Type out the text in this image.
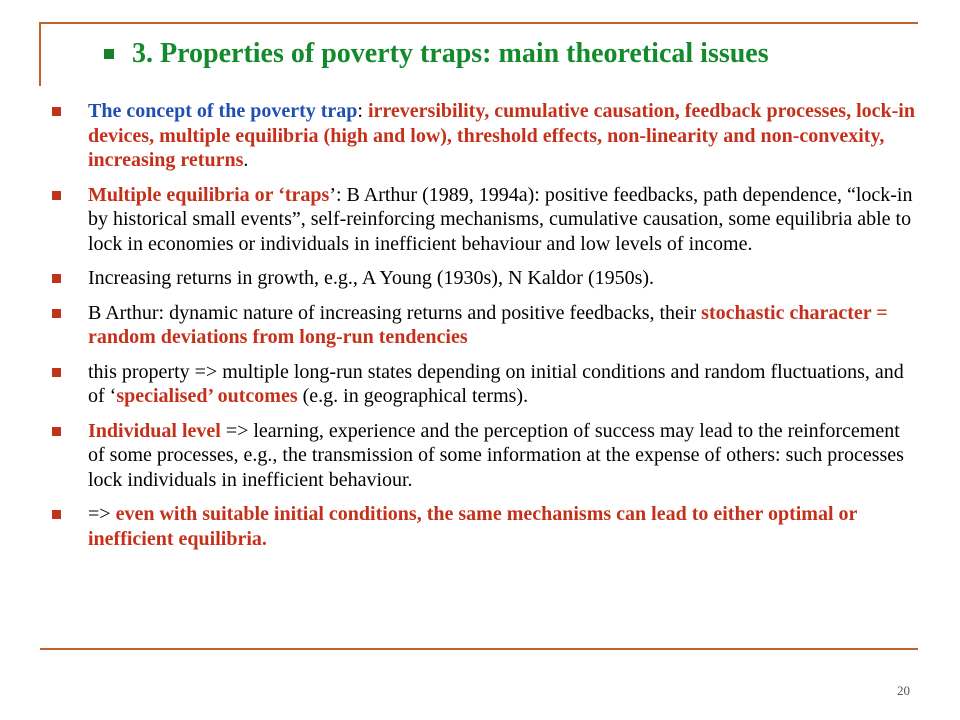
3. Properties of poverty traps: main theoretical issues
The concept of the poverty trap: irreversibility, cumulative causation, feedback processes, lock-in devices, multiple equilibria (high and low), threshold effects, non-linearity and non-convexity, increasing returns.
Multiple equilibria or ‘traps’: B Arthur (1989, 1994a): positive feedbacks, path dependence, “lock-in by historical small events”, self-reinforcing mechanisms, cumulative causation, some equilibria able to lock in economies or individuals in inefficient behaviour and low levels of income.
Increasing returns in growth, e.g., A Young (1930s), N Kaldor (1950s).
B Arthur: dynamic nature of increasing returns and positive feedbacks, their stochastic character = random deviations from long-run tendencies
this property => multiple long-run states depending on initial conditions and random fluctuations, and of ‘specialised’ outcomes (e.g. in geographical terms).
Individual level => learning, experience and the perception of success may lead to the reinforcement of some processes, e.g., the transmission of some information at the expense of others: such processes lock individuals in inefficient behaviour.
=> even with suitable initial conditions, the same mechanisms can lead to either optimal or inefficient equilibria.
20
